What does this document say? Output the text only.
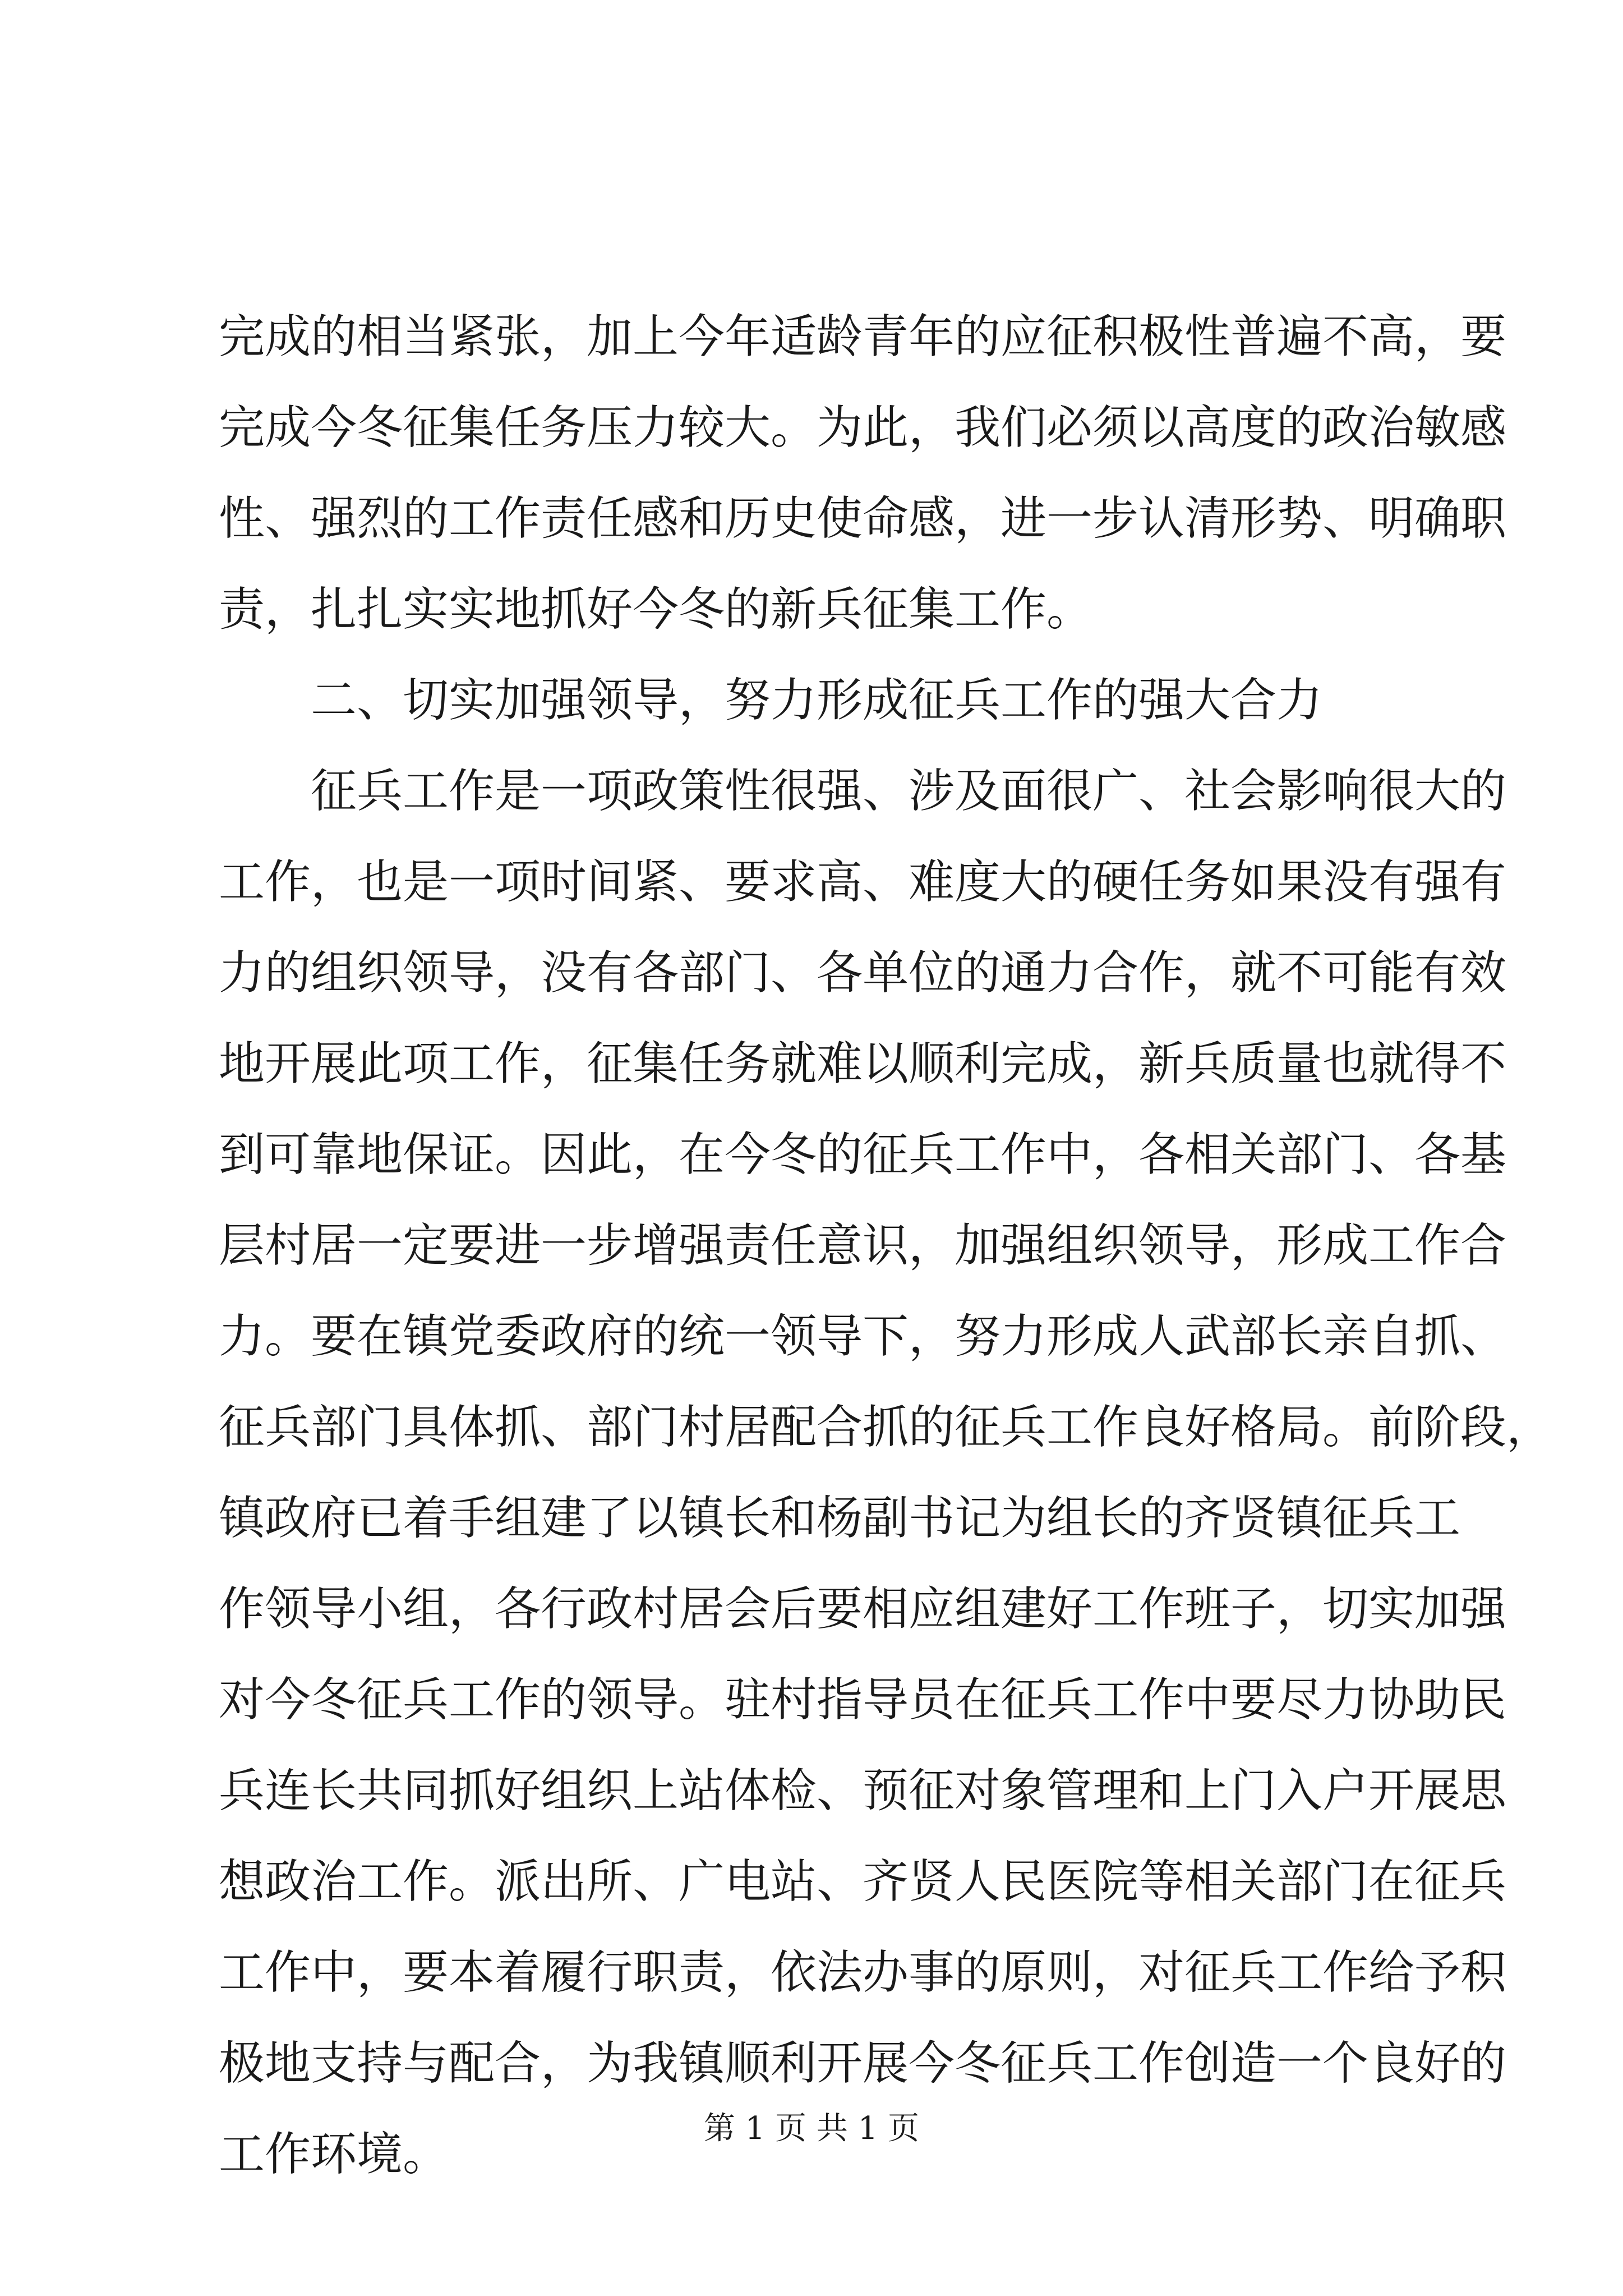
完成的相当紧张，加上今年适龄青年的应征积极性普遍不高，要
完成今冬征集任务压力较大。为此，我们必须以高度的政治敏感
性、强烈的工作责任感和历史使命感，进一步认清形势、明确职
责，扎扎实实地抓好今冬的新兵征集工作。
二、切实加强领导，努力形成征兵工作的强大合力
征兵工作是一项政策性很强、涉及面很广、社会影响很大的
工作，也是一项时间紧、要求高、难度大的硬任务如果没有强有
力的组织领导，没有各部门、各单位的通力合作，就不可能有效
地开展此项工作，征集任务就难以顺利完成，新兵质量也就得不
到可靠地保证。因此，在今冬的征兵工作中，各相关部门、各基
层村居一定要进一步增强责任意识，加强组织领导，形成工作合
力。要在镇党委政府的统一领导下，努力形成人武部长亲自抓、
征兵部门具体抓、部门村居配合抓的征兵工作良好格局。前阶段，
镇政府已着手组建了以镇长和杨副书记为组长的齐贤镇征兵工
作领导小组，各行政村居会后要相应组建好工作班子，切实加强
对今冬征兵工作的领导。驻村指导员在征兵工作中要尽力协助民
兵连长共同抓好组织上站体检、预征对象管理和上门入户开展思
想政治工作。派出所、广电站、齐贤人民医院等相关部门在征兵
工作中，要本着履行职责，依法办事的原则，对征兵工作给予积
极地支持与配合，为我镇顺利开展今冬征兵工作创造一个良好的
工作环境。	第 1 页 共 1 页
